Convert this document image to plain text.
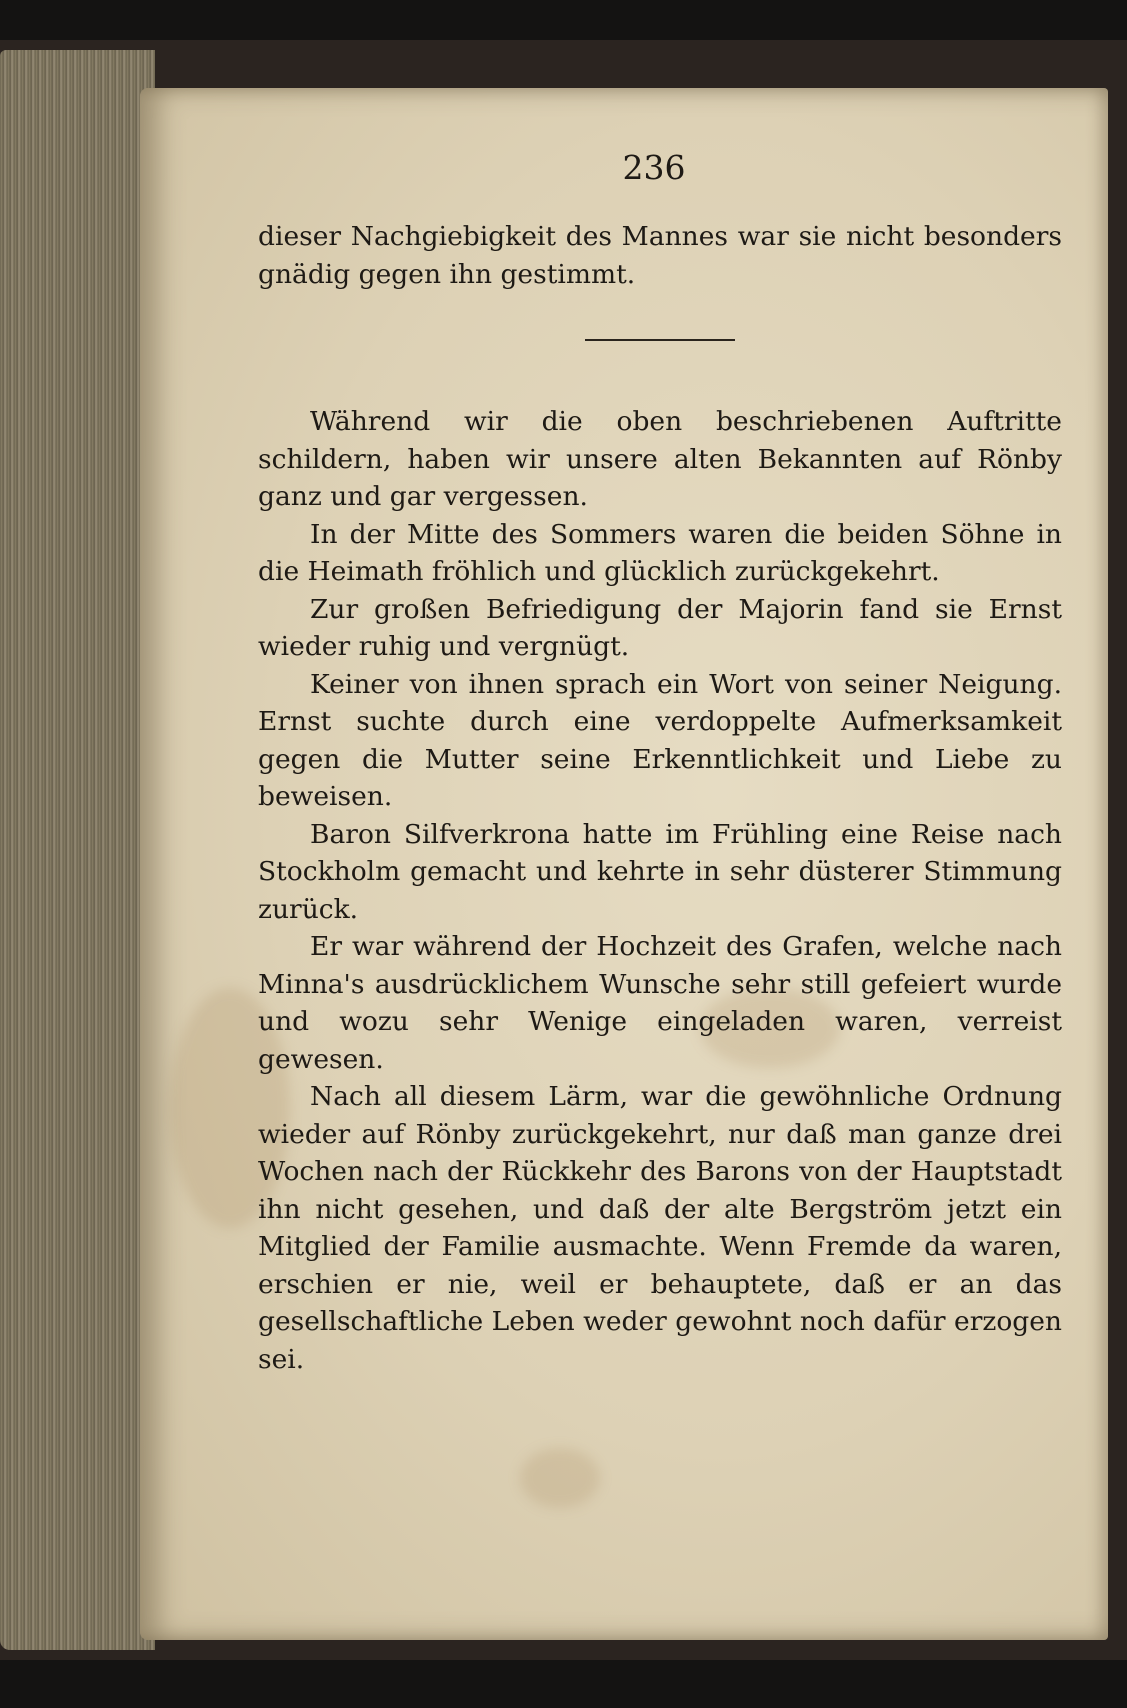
236

dieser Nachgiebigkeit des Mannes war sie nicht besonders gnädig gegen ihn gestimmt.

Während wir die oben beschriebenen Auftritte schildern, haben wir unsere alten Bekannten auf Rönby ganz und gar vergessen.

In der Mitte des Sommers waren die beiden Söhne in die Heimath fröhlich und glücklich zurückgekehrt.

Zur großen Befriedigung der Majorin fand sie Ernst wieder ruhig und vergnügt.

Keiner von ihnen sprach ein Wort von seiner Neigung. Ernst suchte durch eine verdoppelte Aufmerksamkeit gegen die Mutter seine Erkenntlichkeit und Liebe zu beweisen.

Baron Silfverkrona hatte im Frühling eine Reise nach Stockholm gemacht und kehrte in sehr düsterer Stimmung zurück.

Er war während der Hochzeit des Grafen, welche nach Minna's ausdrücklichem Wunsche sehr still gefeiert wurde und wozu sehr Wenige eingeladen waren, verreist gewesen.

Nach all diesem Lärm, war die gewöhnliche Ordnung wieder auf Rönby zurückgekehrt, nur daß man ganze drei Wochen nach der Rückkehr des Barons von der Hauptstadt ihn nicht gesehen, und daß der alte Bergström jetzt ein Mitglied der Familie ausmachte. Wenn Fremde da waren, erschien er nie, weil er behauptete, daß er an das gesellschaftliche Leben weder gewohnt noch dafür erzogen sei.
